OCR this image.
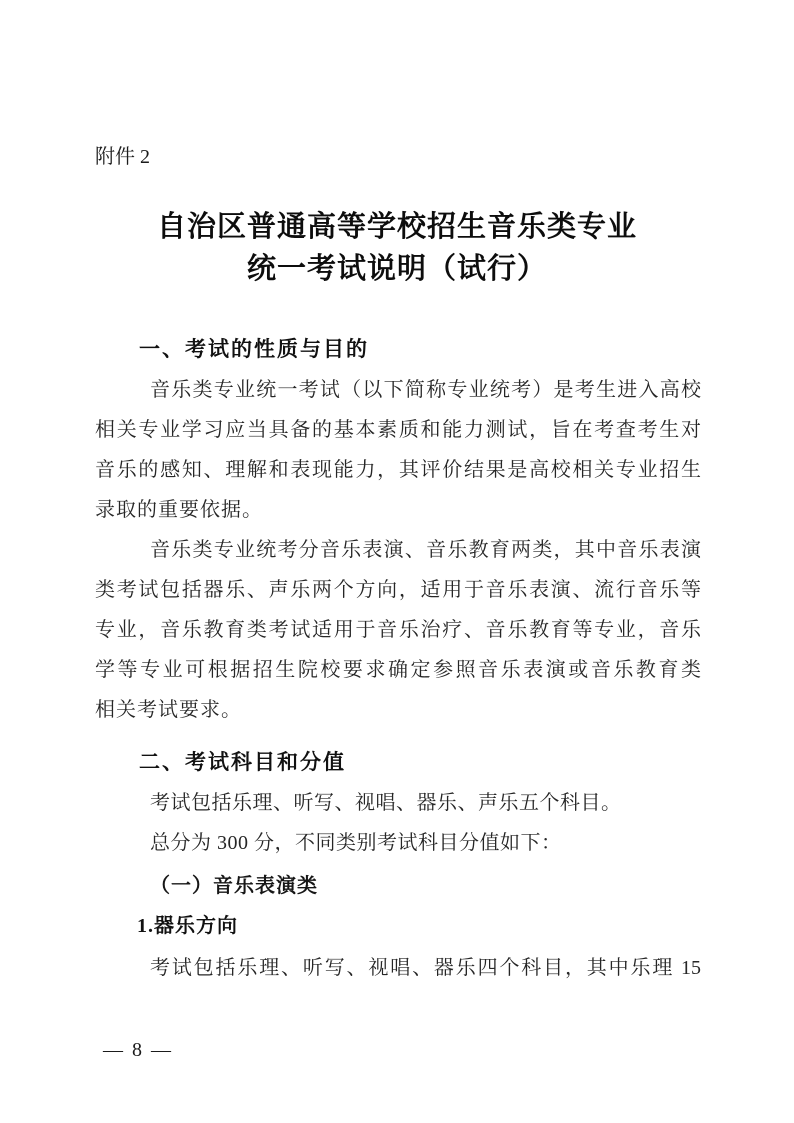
附件 2
自治区普通高等学校招生音乐类专业
统一考试说明（试行）
一、考试的性质与目的
音乐类专业统一考试（以下简称专业统考）是考生进入高校
相关专业学习应当具备的基本素质和能力测试，旨在考查考生对
音乐的感知、理解和表现能力，其评价结果是高校相关专业招生
录取的重要依据。
音乐类专业统考分音乐表演、音乐教育两类，其中音乐表演
类考试包括器乐、声乐两个方向，适用于音乐表演、流行音乐等
专业，音乐教育类考试适用于音乐治疗、音乐教育等专业，音乐
学等专业可根据招生院校要求确定参照音乐表演或音乐教育类
相关考试要求。
二、考试科目和分值
考试包括乐理、听写、视唱、器乐、声乐五个科目。
总分为 300 分，不同类别考试科目分值如下：
（一）音乐表演类
1.器乐方向
考试包括乐理、听写、视唱、器乐四个科目，其中乐理 15
— 8 —
